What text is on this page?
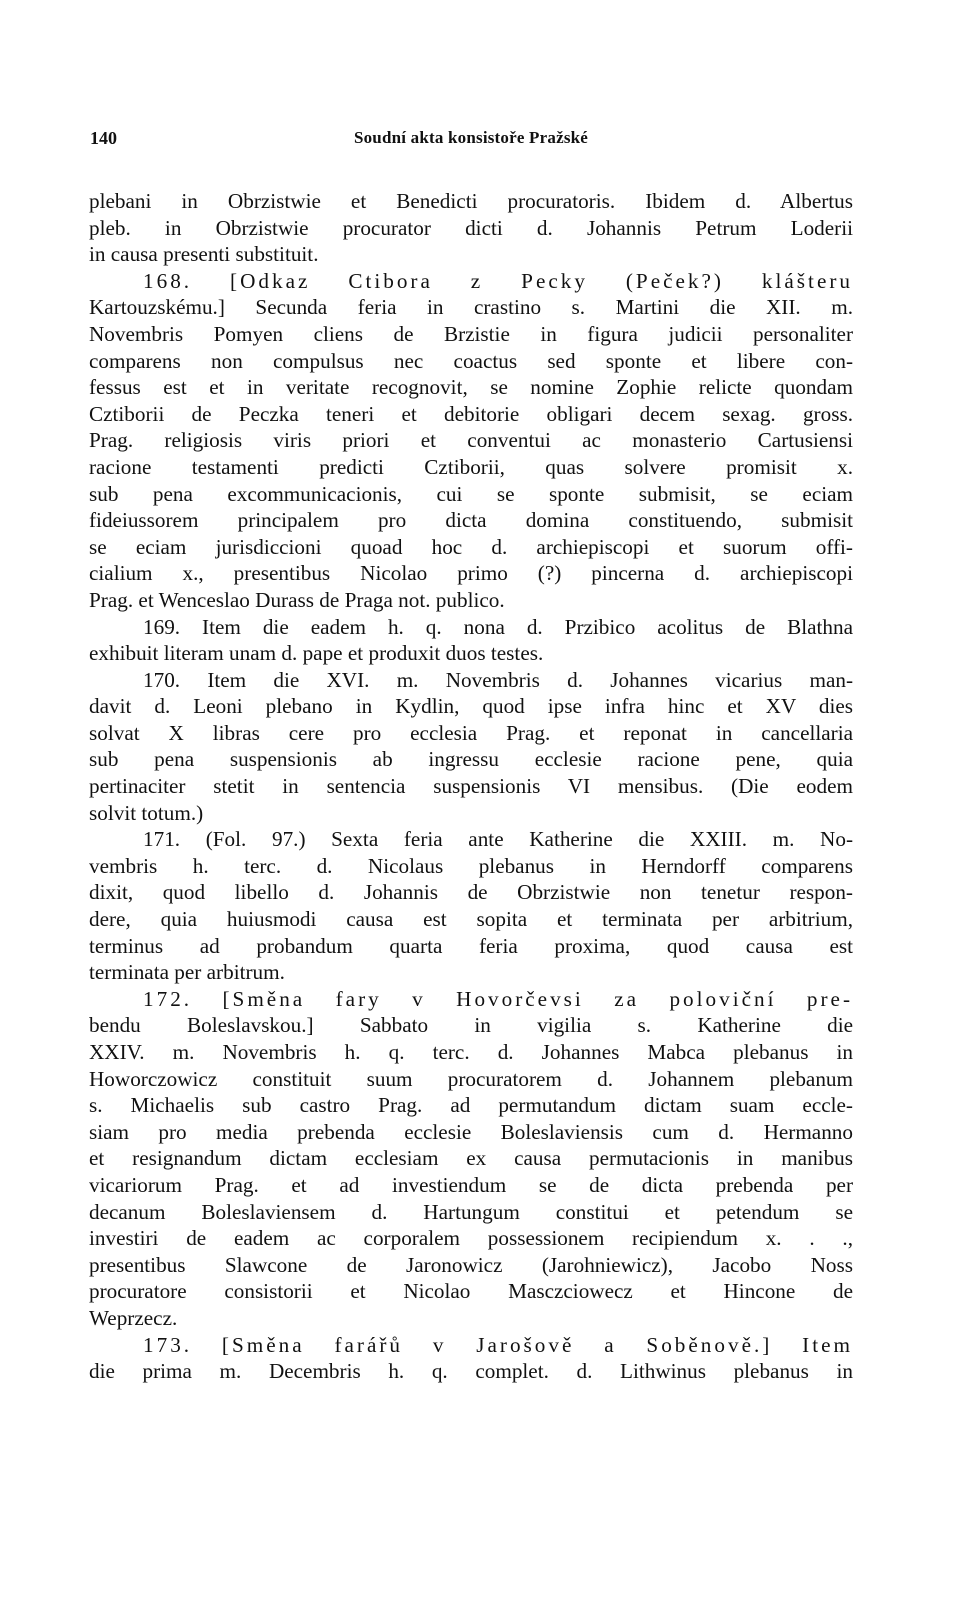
140	Soudní akta konsistoře Pražské
plebani in Obrzistwie et Benedicti procuratoris. Ibidem d. Albertus
pleb. in Obrzistwie procurator dicti d. Johannis Petrum Loderii
in causa presenti substituit.
168. [Odkaz Ctibora z Pecky (Peček?) klášteru
Kartouzskému.] Secunda feria in crastino s. Martini die XII. m.
Novembris Pomyen cliens de Brzistie in figura judicii personaliter
comparens non compulsus nec coactus sed sponte et libere con-
fessus est et in veritate recognovit, se nomine Zophie relicte quondam
Cztiborii de Peczka teneri et debitorie obligari decem sexag. gross.
Prag. religiosis viris priori et conventui ac monasterio Cartusiensi
racione testamenti predicti Cztiborii, quas solvere promisit x.
sub pena excommunicacionis, cui se sponte submisit, se eciam
fideiussorem principalem pro dicta domina constituendo, submisit
se eciam jurisdiccioni quoad hoc d. archiepiscopi et suorum offi-
cialium x., presentibus Nicolao primo (?) pincerna d. archiepiscopi
Prag. et Wenceslao Durass de Praga not. publico.
169. Item die eadem h. q. nona d. Przibico acolitus de Blathna
exhibuit literam unam d. pape et produxit duos testes.
170. Item die XVI. m. Novembris d. Johannes vicarius man-
davit d. Leoni plebano in Kydlin, quod ipse infra hinc et XV dies
solvat X libras cere pro ecclesia Prag. et reponat in cancellaria
sub pena suspensionis ab ingressu ecclesie racione pene, quia
pertinaciter stetit in sentencia suspensionis VI mensibus. (Die eodem
solvit totum.)
171. (Fol. 97.) Sexta feria ante Katherine die XXIII. m. No-
vembris h. terc. d. Nicolaus plebanus in Herndorff comparens
dixit, quod libello d. Johannis de Obrzistwie non tenetur respon-
dere, quia huiusmodi causa est sopita et terminata per arbitrium,
terminus ad probandum quarta feria proxima, quod causa est
terminata per arbitrum.
172. [Směna fary v Hovorčevsi za poloviční pre-
bendu Boleslavskou.] Sabbato in vigilia s. Katherine die
XXIV. m. Novembris h. q. terc. d. Johannes Mabca plebanus in
Howorczowicz constituit suum procuratorem d. Johannem plebanum
s. Michaelis sub castro Prag. ad permutandum dictam suam eccle-
siam pro media prebenda ecclesie Boleslaviensis cum d. Hermanno
et resignandum dictam ecclesiam ex causa permutacionis in manibus
vicariorum Prag. et ad investiendum se de dicta prebenda per
decanum Boleslaviensem d. Hartungum constitui et petendum se
investiri de eadem ac corporalem possessionem recipiendum x. . .,
presentibus Slawcone de Jaronowicz (Jarohniewicz), Jacobo Noss
procuratore consistorii et Nicolao Masczciowecz et Hincone de
Weprzecz.
173. [Směna farářů v Jarošově a Soběnově.] Item
die prima m. Decembris h. q. complet. d. Lithwinus plebanus in
